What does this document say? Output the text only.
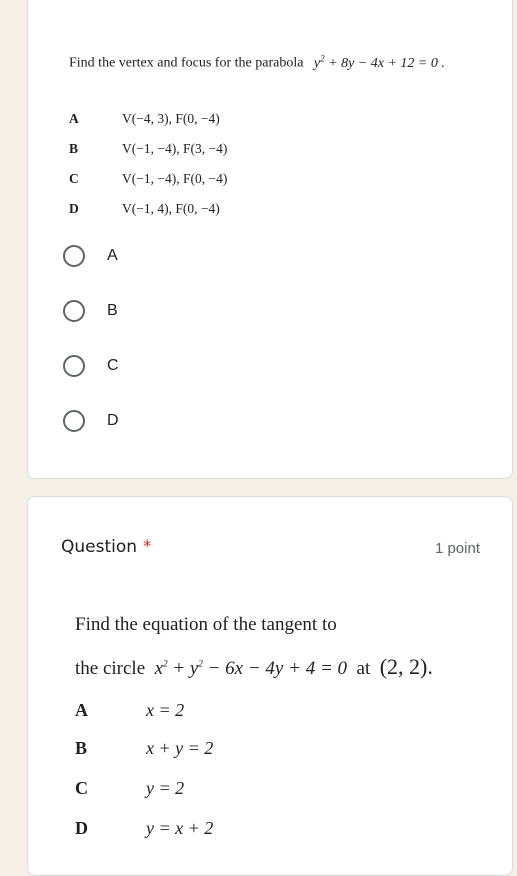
Find the vertex and focus for the parabola $y^2 + 8y - 4x + 12 = 0$ .
A	V(−4, 3), F(0, −4)
B	V(−1, −4), F(3, −4)
C	V(−1, −4), F(0, −4)
D	V(−1, 4), F(0, −4)
A
B
C
D
Question *	1 point
Find the equation of the tangent to
the circle $x^2 + y^2 - 6x - 4y + 4 = 0$ at (2, 2).
A	x = 2
B	x + y = 2
C	y = 2
D	y = x + 2
